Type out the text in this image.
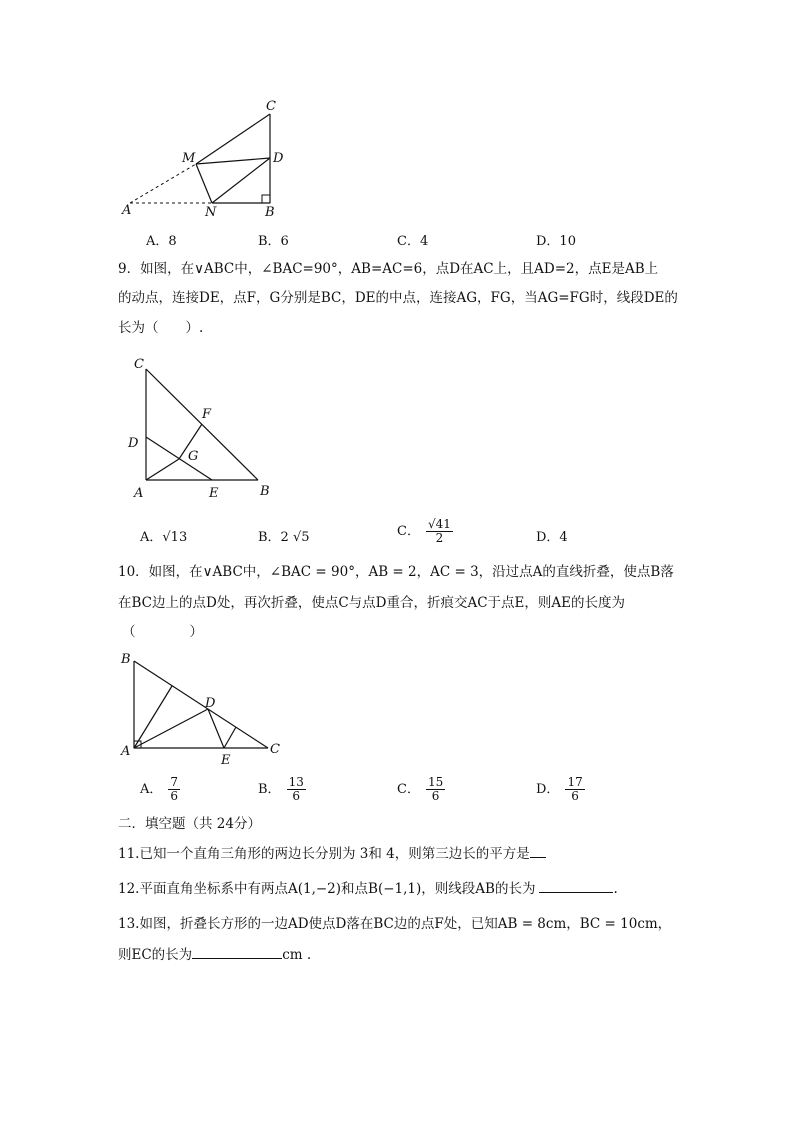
C
M	D
A	N	B
A．8	B．6	C．4	D．10
9．如图，在∨ABC中，∠BAC=90°，AB=AC=6，点D在AC上，且AD=2，点E是AB上
的动点，连接DE，点F，G分别是BC，DE的中点，连接AG，FG，当AG=FG时，线段DE的
长为（　　）.
C
F
D
G
A	E	B
A．√13	B．2 √5	C． $\frac{√41}{2}$	D．4
10．如图，在∨ABC中，∠BAC = 90°，AB = 2，AC = 3，沿过点A的直线折叠，使点B落
在BC边上的点D处，再次折叠，使点C与点D重合，折痕交AC于点E，则AE的长度为
（　　　　）
B
D
A
E
C
A． $\frac{7}{6}$	B． $\frac{13}{6}$	C． $\frac{15}{6}$	D． $\frac{17}{6}$
二．填空题（共 24分）
11.已知一个直角三角形的两边长分别为 3和 4，则第三边长的平方是
12.平面直角坐标系中有两点A(1,−2)和点B(−1,1)，则线段AB的长为	.
13.如图，折叠长方形的一边AD使点D落在BC边的点F处，已知AB = 8cm，BC = 10cm，
则EC的长为	cm .
